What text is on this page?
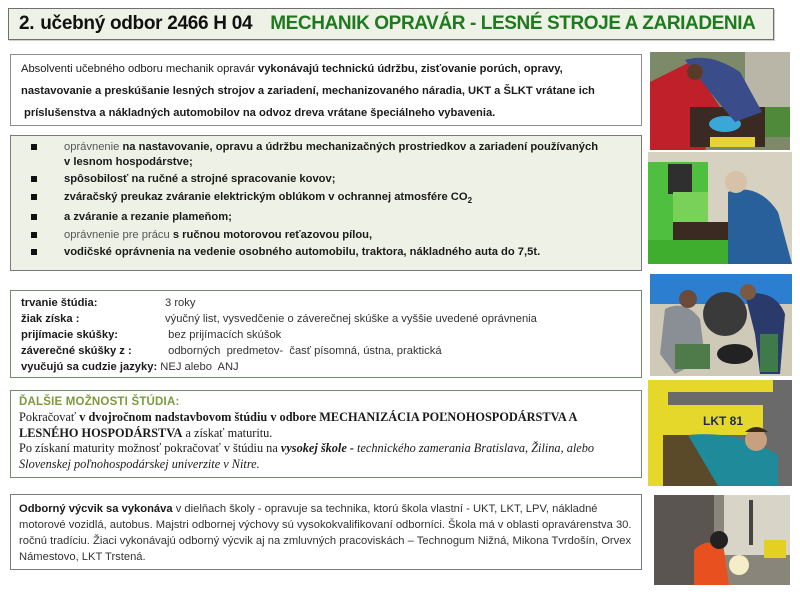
2. učebný odbor 2466 H 04 MECHANIK OPRAVÁR - LESNÉ STROJE A ZARIADENIA

Absolventi učebného odboru mechanik opravár vykonávajú technickú údržbu, zisťovanie porúch, opravy,

nastavovanie a preskúšanie lesných strojov a zariadení, mechanizovaného náradia, UKT a ŠLKT vrátane ich

príslušenstva a nákladných automobilov na odvoz dreva vrátane špeciálneho vybavenia.

oprávnenie na nastavovanie, opravu a údržbu mechanizačných prostriedkov a zariadení používaných
v lesnom hospodárstve;
spôsobilosť na ručné a strojné spracovanie kovov;
zváračský preukaz zváranie elektrickým oblúkom v ochrannej atmosfére $CO_2$
a zváranie a rezanie plameňom;
oprávnenie pre prácu s ručnou motorovou reťazovou pílou,
vodičské oprávnenia na vedenie osobného automobilu, traktora, nákladného auta do 7,5t.
trvanie štúdia:	3 roky
žiak získa :	výučný list, vysvedčenie o záverečnej skúške a vyššie uvedené oprávnenia
prijímacie skúšky:	bez prijímacích skúšok
záverečné skúšky z :	odborných  predmetov-  časť písomná, ústna, praktická
vyučujú sa cudzie jazyky: NEJ alebo  ANJ
ĎALŠIE MOŽNOSTI ŠTÚDIA:

Pokračovať v dvojročnom nadstavbovom štúdiu v odbore MECHANIZÁCIA POĽNOHOSPODÁRSTVA A LESNÉHO HOSPODÁRSTVA a získať maturitu.

Po získaní maturity možnosť pokračovať v štúdiu na vysokej škole - technického zamerania Bratislava, Žilina, alebo Slovenskej poľnohospodárskej univerzite v Nitre.

Odborný výcvik sa vykonáva v dielňach školy - opravuje sa technika, ktorú škola vlastní - UKT, LKT, LPV, nákladné motorové vozidlá, autobus. Majstri odbornej výchovy sú vysokokvalifikovaní odborníci. Škola má v oblasti opravárenstva 30. ročnú tradíciu. Žiaci vykonávajú odborný výcvik aj na zmluvných pracoviskách – Technogum Nižná, Mikona Tvrdošín, Orvex Námestovo, LKT Trstená.
LKT 81
